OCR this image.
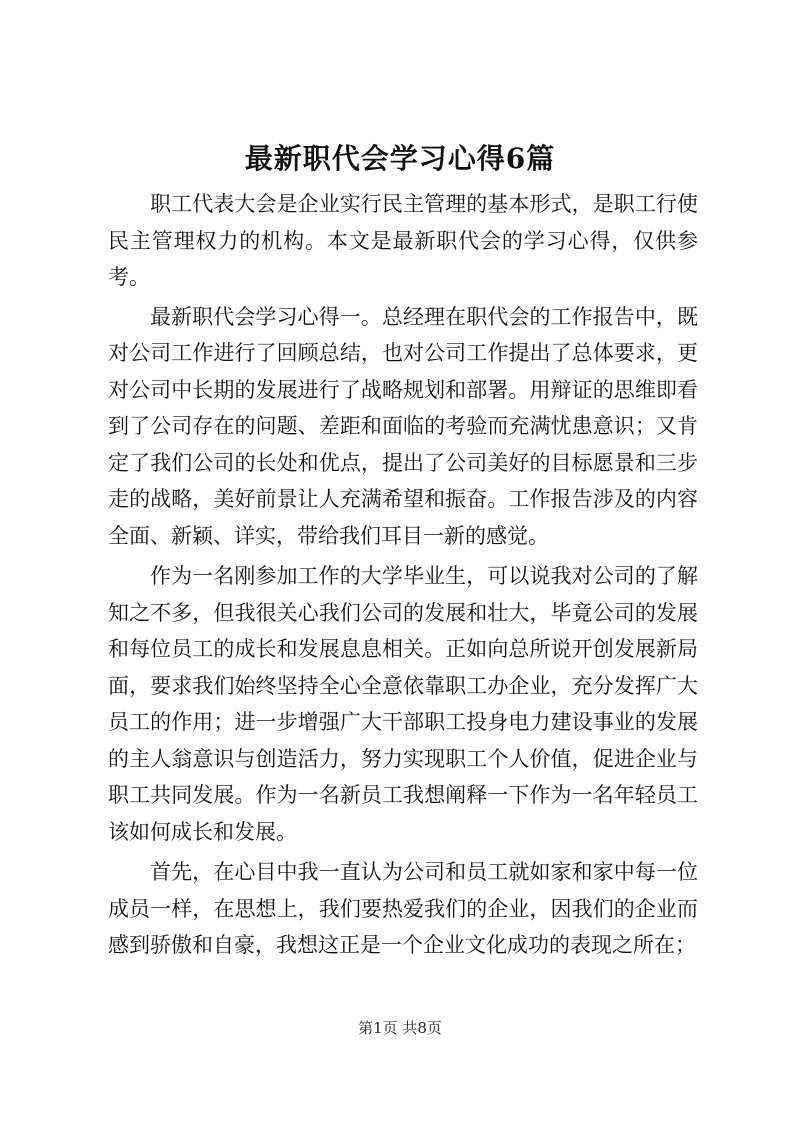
最新职代会学习心得6篇

职工代表大会是企业实行民主管理的基本形式，是职工行使民主管理权力的机构。本文是最新职代会的学习心得，仅供参考。

最新职代会学习心得一。总经理在职代会的工作报告中，既对公司工作进行了回顾总结，也对公司工作提出了总体要求，更对公司中长期的发展进行了战略规划和部署。用辩证的思维即看到了公司存在的问题、差距和面临的考验而充满忧患意识；又肯定了我们公司的长处和优点，提出了公司美好的目标愿景和三步走的战略，美好前景让人充满希望和振奋。工作报告涉及的内容全面、新颖、详实，带给我们耳目一新的感觉。

作为一名刚参加工作的大学毕业生，可以说我对公司的了解知之不多，但我很关心我们公司的发展和壮大，毕竟公司的发展和每位员工的成长和发展息息相关。正如向总所说开创发展新局面，要求我们始终坚持全心全意依靠职工办企业，充分发挥广大员工的作用；进一步增强广大干部职工投身电力建设事业的发展的主人翁意识与创造活力，努力实现职工个人价值，促进企业与职工共同发展。作为一名新员工我想阐释一下作为一名年轻员工该如何成长和发展。

首先，在心目中我一直认为公司和员工就如家和家中每一位成员一样，在思想上，我们要热爱我们的企业，因我们的企业而感到骄傲和自豪，我想这正是一个企业文化成功的表现之所在；

第1页 共8页
